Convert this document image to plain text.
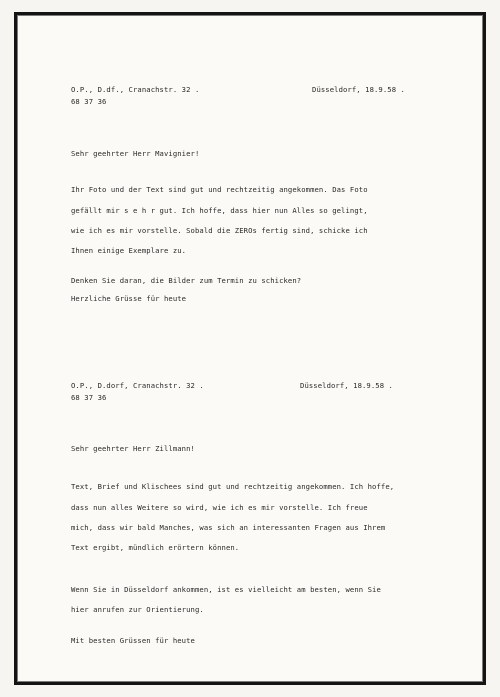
O.P., D.df., Cranachstr. 32 .	Düsseldorf, 18.9.58 .
68 37 36
Sehr geehrter Herr Mavignier!

Ihr Foto und der Text sind gut und rechtzeitig angekommen. Das Foto

gefällt mir s e h r gut. Ich hoffe, dass hier nun Alles so gelingt,

wie ich es mir vorstelle. Sobald die ZEROs fertig sind, schicke ich

Ihnen einige Exemplare zu.

Denken Sie daran, die Bilder zum Termin zu schicken?
Herzliche Grüsse für heute
O.P., D.dorf, Cranachstr. 32 .	Düsseldorf, 18.9.58 .
68 37 36
Sehr geehrter Herr Zillmann!

Text, Brief und Klischees sind gut und rechtzeitig angekommen. Ich hoffe,

dass nun alles Weitere so wird, wie ich es mir vorstelle. Ich freue

mich, dass wir bald Manches, was sich an interessanten Fragen aus Ihrem

Text ergibt, mündlich erörtern können.

Wenn Sie in Düsseldorf ankommen, ist es vielleicht am besten, wenn Sie

hier anrufen zur Orientierung.

Mit besten Grüssen für heute
